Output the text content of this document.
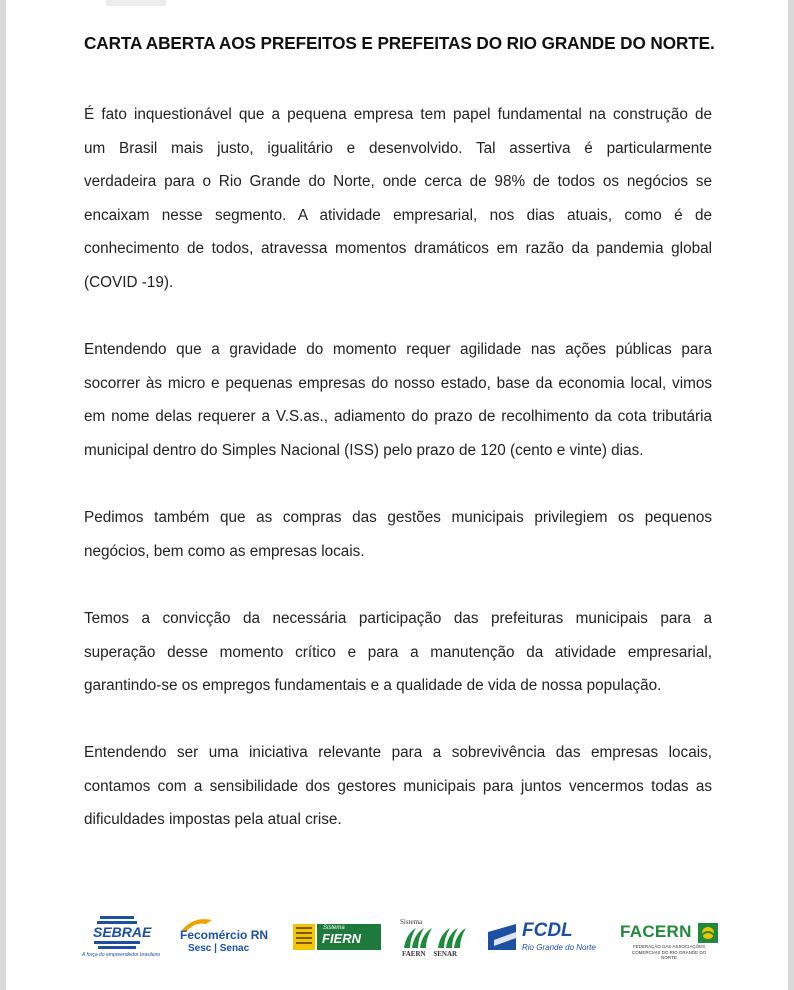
CARTA ABERTA AOS PREFEITOS E PREFEITAS DO RIO GRANDE DO NORTE.

É fato inquestionável que a pequena empresa tem papel fundamental na construção de
um Brasil mais justo, igualitário e desenvolvido. Tal assertiva é particularmente
verdadeira para o Rio Grande do Norte, onde cerca de 98% de todos os negócios se
encaixam nesse segmento. A atividade empresarial, nos dias atuais, como é de
conhecimento de todos, atravessa momentos dramáticos em razão da pandemia global
(COVID -19).

Entendendo que a gravidade do momento requer agilidade nas ações públicas para
socorrer às micro e pequenas empresas do nosso estado, base da economia local, vimos
em nome delas requerer a V.S.as., adiamento do prazo de recolhimento da cota tributária
municipal dentro do Simples Nacional (ISS) pelo prazo de 120 (cento e vinte) dias.

Pedimos também que as compras das gestões municipais privilegiem os pequenos
negócios, bem como as empresas locais.

Temos a convicção da necessária participação das prefeituras municipais para a
superação desse momento crítico e para a manutenção da atividade empresarial,
garantindo-se os empregos fundamentais e a qualidade de vida de nossa população.

Entendendo ser uma iniciativa relevante para a sobrevivência das empresas locais,
contamos com a sensibilidade dos gestores municipais para juntos vencermos todas as
dificuldades impostas pela atual crise.

SEBRAE
A força do empreendedor brasileiro
Fecomércio RN
Sesc | Senac
Sistema
FIERN
Sistema
FAERN SENAR
FCDL
Rio Grande do Norte
FACERN
FEDERAÇÃO DAS ASSOCIAÇÕES COMERCIAIS DO RIO GRANDE DO NORTE
